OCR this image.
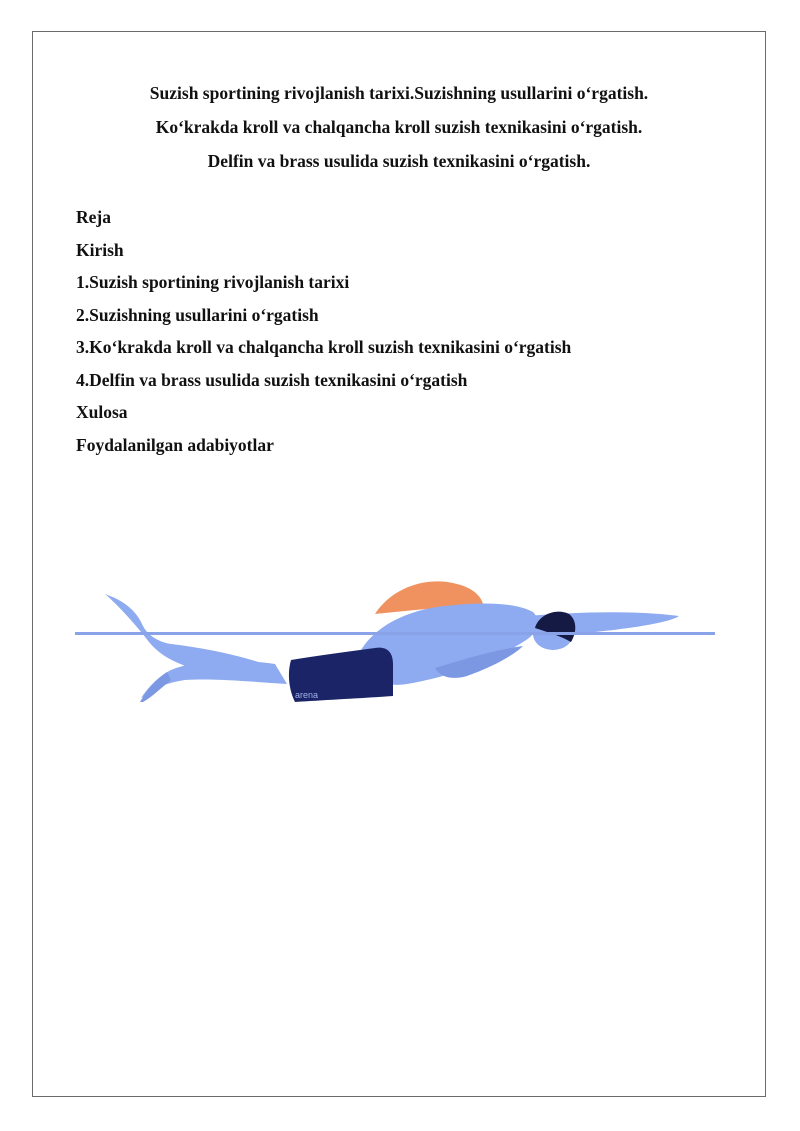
Suzish sportining rivojlanish tarixi.Suzishning usullarini o‘rgatish.

Ko‘krakda kroll va chalqancha kroll suzish texnikasini o‘rgatish.

Delfin va brass usulida suzish texnikasini o‘rgatish.

Reja
Kirish
1.Suzish sportining rivojlanish tarixi
2.Suzishning usullarini o‘rgatish
3.Ko‘krakda kroll va chalqancha kroll suzish texnikasini o‘rgatish
4.Delfin va brass usulida suzish texnikasini o‘rgatish
Xulosa
Foydalanilgan adabiyotlar
arena
